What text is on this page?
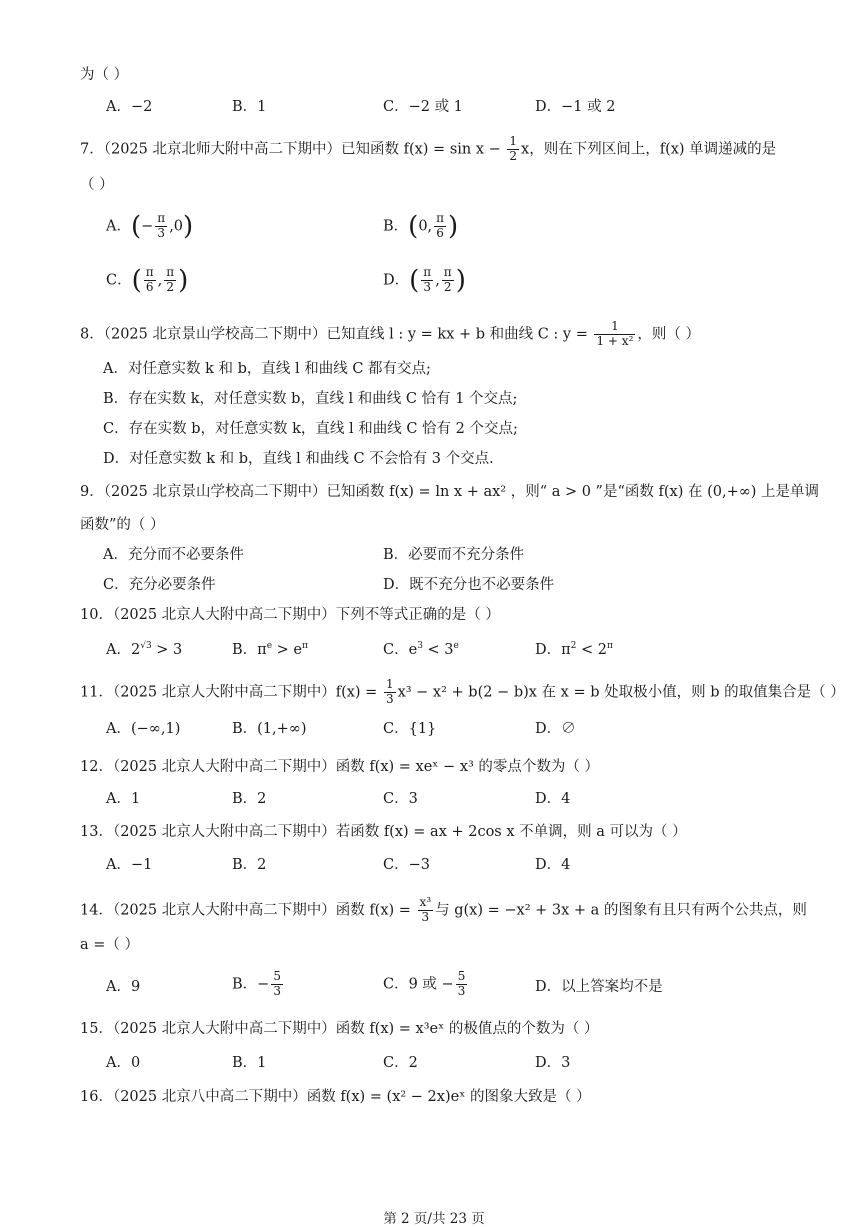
为（ ）
A．−2	B．1	C．−2 或 1	D．−1 或 2
7．（2025 北京北师大附中高二下期中）已知函数 $f(x) = \sin x - \frac{1}{2}$ x，则在下列区间上，f(x) 单调递减的是
（ ）
A．(− $\frac{\pi}{3} ,0$)	B．(0, $\frac{\pi}{6}$ )
C．( $\frac{\pi}{6}$ , $\frac{\pi}{2}$ )	D．( $\frac{\pi}{3}$ , $\frac{\pi}{2}$ )
8．（2025 北京景山学校高二下期中）已知直线 l : y = kx + b 和曲线 C : $y = \frac{1}{\text{1 + x²}}$ ，则（ ）
A．对任意实数 k 和 b，直线 l 和曲线 C 都有交点;
B．存在实数 k，对任意实数 b，直线 l 和曲线 C 恰有 1 个交点;
C．存在实数 b，对任意实数 k，直线 l 和曲线 C 恰有 2 个交点;
D．对任意实数 k 和 b，直线 l 和曲线 C 不会恰有 3 个交点.
9．（2025 北京景山学校高二下期中）已知函数 f(x) = ln x + ax² ，则“ a > 0 ”是“函数 f(x) 在 (0,+∞) 上是单调
函数”的（ ）
A．充分而不必要条件	B．必要而不充分条件
C．充分必要条件	D．既不充分也不必要条件
10．（2025 北京人大附中高二下期中）下列不等式正确的是（ ）
A．$2^{√3} > 3$	B．$\pi^e > e^\pi$	C．$e^3 < 3^e$	D．$\pi^2 < 2^\pi$
11．（2025 北京人大附中高二下期中）$f(x) = \frac{1}{3} x^3 - x^2 + b(2 - b)x$ 在 x = b 处取极小值，则 b 的取值集合是（ ）
A．(−∞,1)	B．(1,+∞)	C．{1}	D．∅
12．（2025 北京人大附中高二下期中）函数 f(x) = xeˣ − x³ 的零点个数为（ ）
A．1	B．2	C．3	D．4
13．（2025 北京人大附中高二下期中）若函数 f(x) = ax + 2cos x 不单调，则 a 可以为（ ）
A．−1	B．2	C．−3	D．4
14．（2025 北京人大附中高二下期中）函数 $f(x) = \frac{\text{x³}}{3}$ 与 g(x) = −x² + 3x + a 的图象有且只有两个公共点，则
a =（ ）
A．9	B．− $\frac{5}{3}$	C．9 或 − $\frac{5}{3}$	D．以上答案均不是
15．（2025 北京人大附中高二下期中）函数 f(x) = x³eˣ 的极值点的个数为（ ）
A．0	B．1	C．2	D．3
16．（2025 北京八中高二下期中）函数 f(x) = (x² − 2x)eˣ 的图象大致是（ ）
第 2 页/共 23 页
